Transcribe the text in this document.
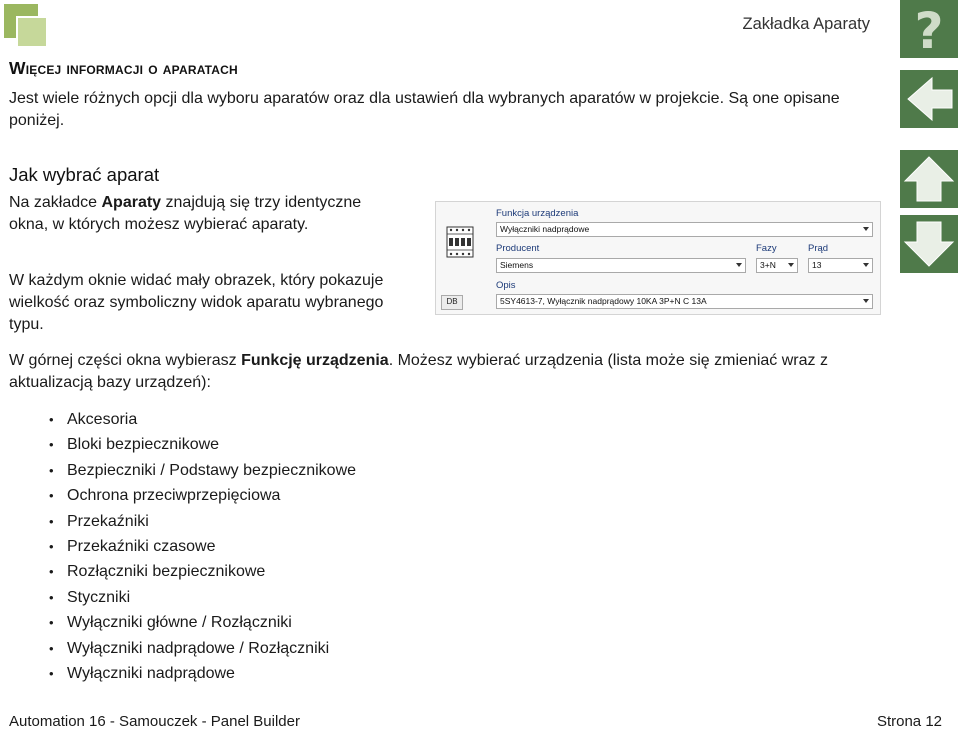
Zakładka Aparaty ?
Więcej informacji o aparatach
Jest wiele różnych opcji dla wyboru aparatów oraz dla ustawień dla wybranych aparatów w projekcie. Są one opisane poniżej.
Jak wybrać aparat
Na zakładce Aparaty znajdują się trzy identyczne okna, w których możesz wybierać aparaty.
W każdym oknie widać mały obrazek, który pokazuje wielkość oraz symboliczny widok aparatu wybranego typu.
Funkcja urządzenia
Wyłączniki nadprądowe
Producent
Siemens
Fazy
3+N
Prąd
13
Opis
5SY4613-7, Wyłącznik nadprądowy 10KA 3P+N C 13A
DB
W górnej części okna wybierasz Funkcję urządzenia. Możesz wybierać urządzenia (lista może się zmieniać wraz z aktualizacją bazy urządzeń):
• Akcesoria
• Bloki bezpiecznikowe
• Bezpieczniki / Podstawy bezpiecznikowe
• Ochrona przeciwprzepięciowa
• Przekaźniki
• Przekaźniki czasowe
• Rozłączniki bezpiecznikowe
• Styczniki
• Wyłączniki główne / Rozłączniki
• Wyłączniki nadprądowe / Rozłączniki
• Wyłączniki nadprądowe
Automation 16 - Samouczek - Panel Builder	Strona 12
